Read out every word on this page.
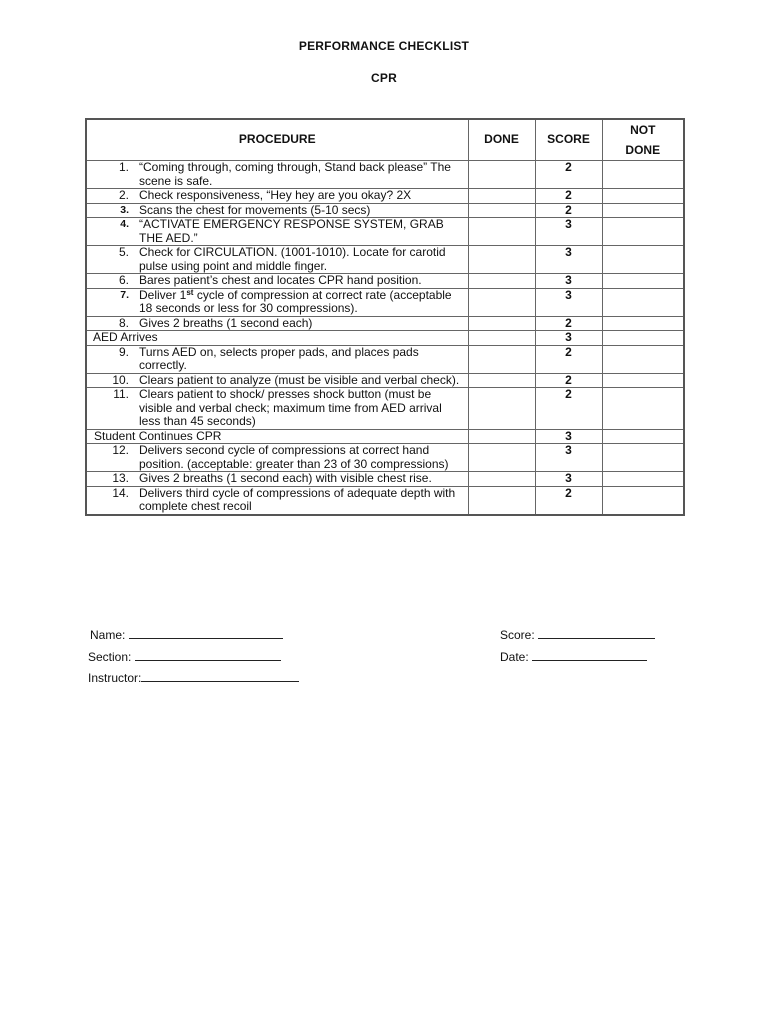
PERFORMANCE CHECKLIST
CPR
PROCEDURE	DONE	SCORE	NOT
DONE

1. “Coming through, coming through, Stand back please” The scene is safe.		2	

2. Check responsiveness, “Hey hey are you okay? 2X		2	

3. Scans the chest for movements (5-10 secs)		2	

4. “ACTIVATE EMERGENCY RESPONSE SYSTEM, GRAB THE AED.”		3	

5. Check for CIRCULATION. (1001-1010). Locate for carotid pulse using point and middle finger.		3	

6. Bares patient’s chest and locates CPR hand position.		3	

7. Deliver 1st cycle of compression at correct rate (acceptable 18 seconds or less for 30 compressions).		3	

8. Gives 2 breaths (1 second each)		2	

AED Arrives		3	

9. Turns AED on, selects proper pads, and places pads correctly.		2	

10. Clears patient to analyze (must be visible and verbal check).		2	

11. Clears patient to shock/ presses shock button (must be visible and verbal check; maximum time from AED arrival less than 45 seconds)		2	

Student Continues CPR		3	

12. Delivers second cycle of compressions at correct hand position. (acceptable: greater than 23 of 30 compressions)		3	

13. Gives 2 breaths (1 second each) with visible chest rise.		3	

14. Delivers third cycle of compressions of adequate depth with complete chest recoil		2	
Name:
Section:
Instructor:
Score:
Date:
